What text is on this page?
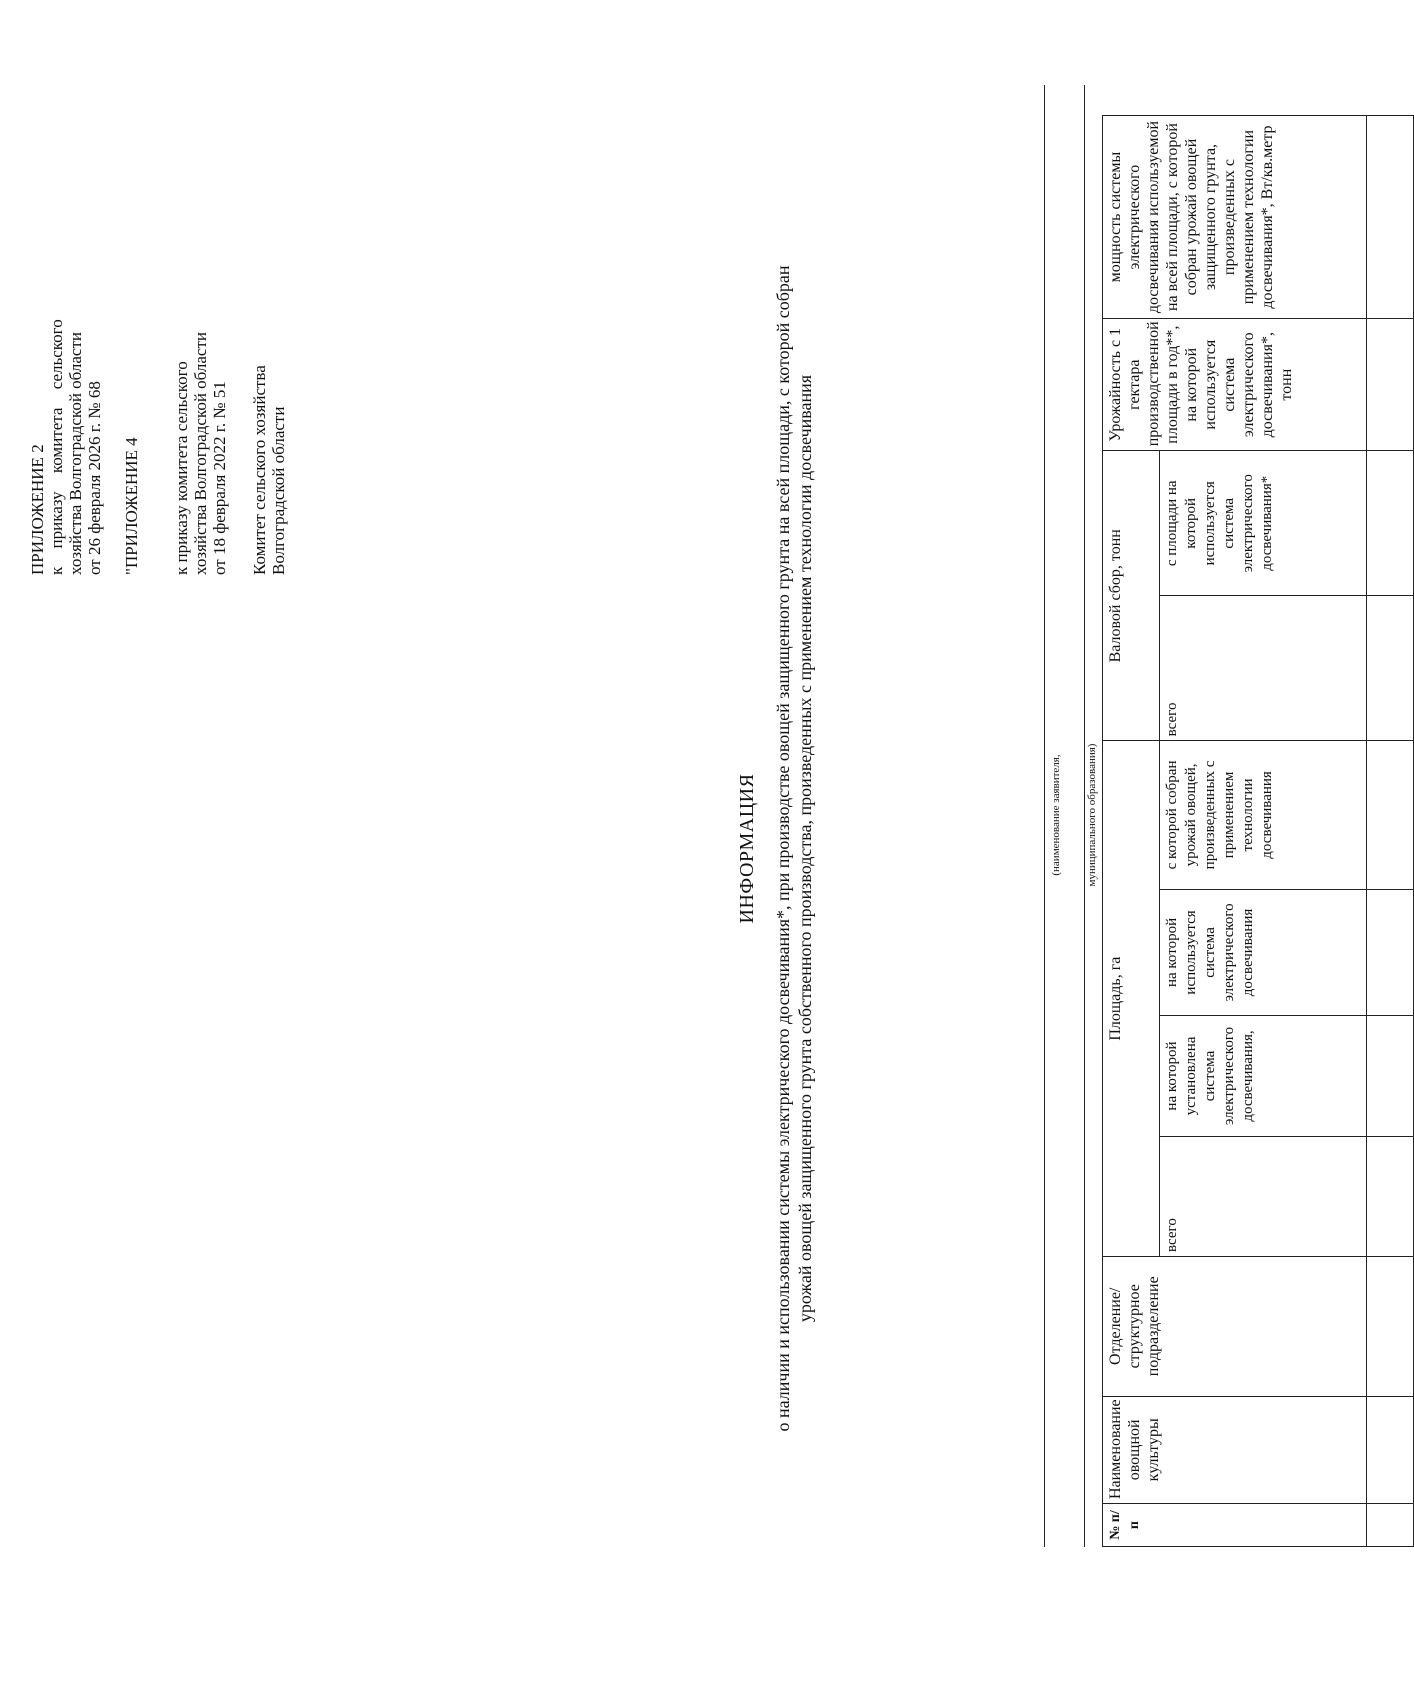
ПРИЛОЖЕНИЕ 2 к приказу комитета сельского хозяйства Волгоградской области от 26 февраля 2026 г. № 68 "ПРИЛОЖЕНИЕ 4 к приказу комитета сельского хозяйства Волгоградской области от 18 февраля 2022 г. № 51 Комитет сельского хозяйства Волгоградской области
ИНФОРМАЦИЯ о наличии и использовании системы электрического досвечивания*, при производстве овощей защищенного грунта на всей площади, с которой собран урожай овощей защищенного грунта собственного производства, произведенных с применением технологии досвечивания	(наименование заявителя, муниципального образования)
№ п/ п	Наименование овощной культуры	Отделение/структурное подразделение	Площадь, га				Валовой сбор, тонн		Урожайность с 1 гектара производственной площади в год**, на которой используется система электрического досвечивания*, тонн	мощность системы электрического досвечивания используемой на всей площади, с которой собран урожай овощей защищенного грунта, произведенных с применением технологии досвечивания*, Вт/кв.метр
			всего	на которой установлена система электрического досвечивания,	на которой используется система электрического досвечивания	с которой собран урожай овощей, произведенных с применением технологии досвечивания	всего	с площади на которой используется система электрического досвечивания*		
